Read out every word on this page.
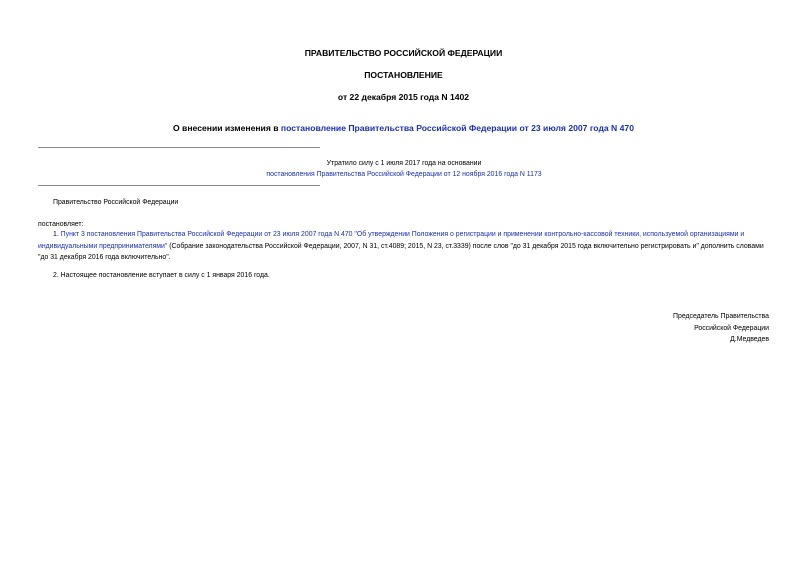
ПРАВИТЕЛЬСТВО РОССИЙСКОЙ ФЕДЕРАЦИИ
ПОСТАНОВЛЕНИЕ
от 22 декабря 2015 года N 1402
О внесении изменения в постановление Правительства Российской Федерации от 23 июля 2007 года N 470
Утратило силу с 1 июля 2017 года на основании
постановления Правительства Российской Федерации от 12 ноября 2016 года N 1173
Правительство Российской Федерации
постановляет:
1. Пункт 3 постановления Правительства Российской Федерации от 23 июля 2007 года N 470 "Об утверждении Положения о регистрации и применении контрольно-кассовой техники, используемой организациями и индивидуальными предпринимателями" (Собрание законодательства Российской Федерации, 2007, N 31, ст.4089; 2015, N 23, ст.3339) после слов "до 31 декабря 2015 года включительно регистрировать и" дополнить словами "до 31 декабря 2016 года включительно".
2. Настоящее постановление вступает в силу с 1 января 2016 года.
Председатель Правительства
Российской Федерации
Д.Медведев
